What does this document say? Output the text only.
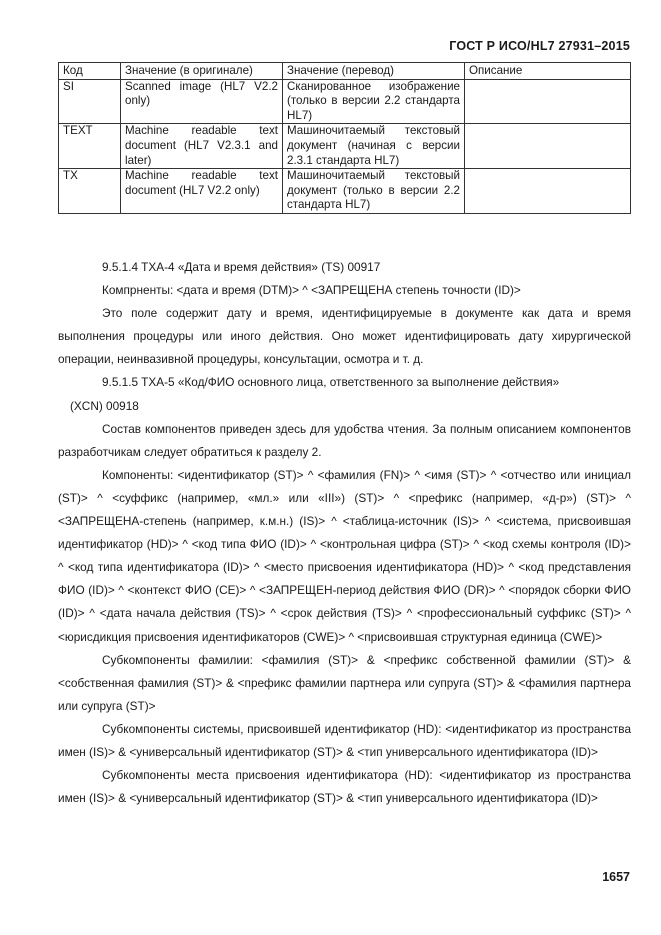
ГОСТ Р ИСО/HL7 27931–2015
Код	Значение (в оригинале)	Значение (перевод)	Описание
SI	Scanned image (HL7 V2.2 only)	Сканированное изображение (только в версии 2.2 стандарта HL7)	
TEXT	Machine readable text document (HL7 V2.3.1 and later)	Машиночитаемый текстовый документ (начиная с версии 2.3.1 стандарта HL7)	
TX	Machine readable text document (HL7 V2.2 only)	Машиночитаемый текстовый документ (только в версии 2.2 стандарта HL7)	

9.5.1.4 TXA-4 «Дата и время действия» (TS) 00917

Компрненты: <дата и время (DTM)> ^ <ЗАПРЕЩЕНА степень точности (ID)>

Это поле содержит дату и время, идентифицируемые в документе как дата и время выполнения процедуры или иного действия. Оно может идентифицировать дату хирургической операции, неинвазивной процедуры, консультации, осмотра и т. д.

9.5.1.5 TXA-5 «Код/ФИО основного лица, ответственного за выполнение действия»

(XCN) 00918

Состав компонентов приведен здесь для удобства чтения. За полным описанием компонентов разработчикам следует обратиться к разделу 2.

Компоненты: <идентификатор (ST)> ^ <фамилия (FN)> ^ <имя (ST)> ^ <отчество или инициал (ST)> ^ <суффикс (например, «мл.» или «III») (ST)> ^ <префикс (например, «д-р») (ST)> ^ <ЗАПРЕЩЕНА-степень (например, к.м.н.) (IS)> ^ <таблица-источник (IS)> ^ <система, присвоившая идентификатор (HD)> ^ <код типа ФИО (ID)> ^ <контрольная цифра (ST)> ^ <код схемы контроля (ID)> ^ <код типа идентификатора (ID)> ^ <место присвоения идентификатора (HD)> ^ <код представления ФИО (ID)> ^ <контекст ФИО (CE)> ^ <ЗАПРЕЩЕН-период действия ФИО (DR)> ^ <порядок сборки ФИО (ID)> ^ <дата начала действия (TS)> ^ <срок действия (TS)> ^ <профессиональный суффикс (ST)> ^ <юрисдикция присвоения идентификаторов (CWE)> ^ <присвоившая структурная единица (CWE)>

Субкомпоненты фамилии: <фамилия (ST)> & <префикс собственной фамилии (ST)> & <собственная фамилия (ST)> & <префикс фамилии партнера или супруга (ST)> & <фамилия партнера или супруга (ST)>

Субкомпоненты системы, присвоившей идентификатор (HD): <идентификатор из пространства имен (IS)> & <универсальный идентификатор (ST)> & <тип универсального идентификатора (ID)>

Субкомпоненты места присвоения идентификатора (HD): <идентификатор из пространства имен (IS)> & <универсальный идентификатор (ST)> & <тип универсального идентификатора (ID)>

1657
